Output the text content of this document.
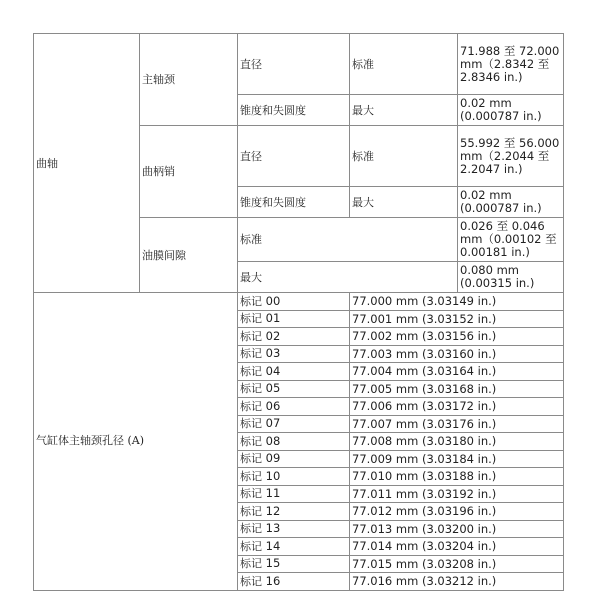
曲轴	主轴颈	直径	标准	71.988 至 72.000 mm（2.8342 至 2.8346 in.)
		锥度和失圆度	最大	0.02 mm (0.000787 in.)
	曲柄销	直径	标准	55.992 至 56.000 mm（2.2044 至 2.2047 in.)
		锥度和失圆度	最大	0.02 mm (0.000787 in.)
	油膜间隙	标准		0.026 至 0.046 mm（0.00102 至 0.00181 in.)
		最大		0.080 mm (0.00315 in.)
气缸体主轴颈孔径 (A)		标记 00	77.000 mm (3.03149 in.)	
		标记 01	77.001 mm (3.03152 in.)	
		标记 02	77.002 mm (3.03156 in.)	
		标记 03	77.003 mm (3.03160 in.)	
		标记 04	77.004 mm (3.03164 in.)	
		标记 05	77.005 mm (3.03168 in.)	
		标记 06	77.006 mm (3.03172 in.)	
		标记 07	77.007 mm (3.03176 in.)	
		标记 08	77.008 mm (3.03180 in.)	
		标记 09	77.009 mm (3.03184 in.)	
		标记 10	77.010 mm (3.03188 in.)	
		标记 11	77.011 mm (3.03192 in.)	
		标记 12	77.012 mm (3.03196 in.)	
		标记 13	77.013 mm (3.03200 in.)	
		标记 14	77.014 mm (3.03204 in.)	
		标记 15	77.015 mm (3.03208 in.)	
		标记 16	77.016 mm (3.03212 in.)	
